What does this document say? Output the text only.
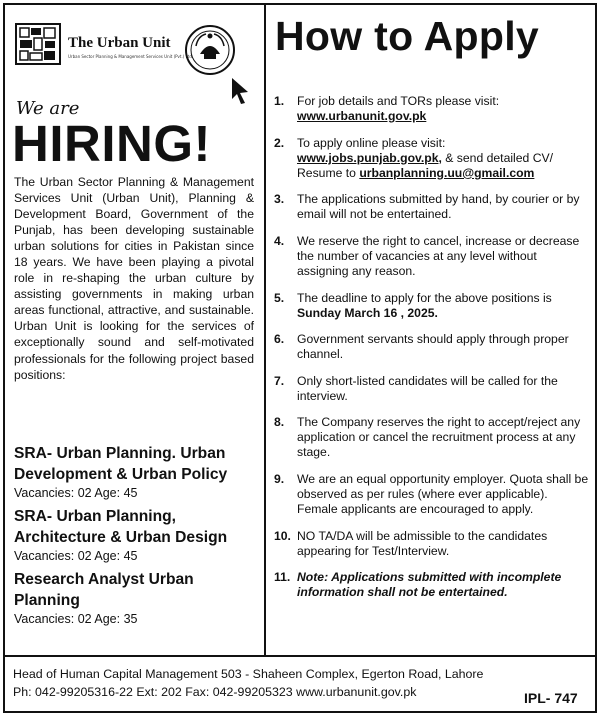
The Urban Unit
Urban Sector Planning & Management Services Unit (Pvt.) Ltd.
We are
HIRING!
The Urban Sector Planning & Management Services Unit (Urban Unit), Planning & Development Board, Government of the Punjab, has been developing sustainable urban solutions for cities in Pakistan since 18 years. We have been playing a pivotal role in re-shaping the urban culture by assisting governments in making urban areas functional, attractive, and sustainable. Urban Unit is looking for the services of exceptionally sound and self-motivated professionals for the following project based positions:
SRA- Urban Planning. Urban Development & Urban Policy
Vacancies: 02 Age: 45
SRA- Urban Planning, Architecture & Urban Design
Vacancies: 02 Age: 45
Research Analyst Urban Planning
Vacancies: 02 Age: 35
How to Apply
1. For job details and TORs please visit:
www.urbanunit.gov.pk
2. To apply online please visit:
www.jobs.punjab.gov.pk, & send detailed CV/ Resume to urbanplanning.uu@gmail.com
3. The applications submitted by hand, by courier or by email will not be entertained.
4. We reserve the right to cancel, increase or decrease the number of vacancies at any level without assigning any reason.
5. The deadline to apply for the above positions is
Sunday March 16 , 2025.
6. Government servants should apply through proper channel.
7. Only short-listed candidates will be called for the interview.
8. The Company reserves the right to accept/reject any application or cancel the recruitment process at any stage.
9. We are an equal opportunity employer. Quota shall be observed as per rules (where ever applicable). Female applicants are encouraged to apply.
10. NO TA/DA will be admissible to the candidates appearing for Test/Interview.
11. Note: Applications submitted with incomplete information shall not be entertained.
Head of Human Capital Management 503 - Shaheen Complex, Egerton Road, Lahore
Ph: 042-99205316-22 Ext: 202 Fax: 042-99205323 www.urbanunit.gov.pk	IPL- 747
